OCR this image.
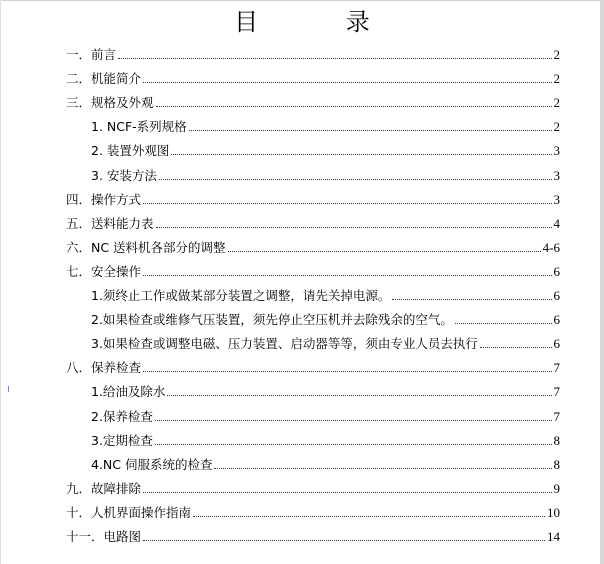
目 录
一．前言	2
二．机能简介	2
三．规格及外观	2
1. NCF-系列规格	2
2. 装置外观图	3
3. 安装方法	3
四．操作方式	3
五．送料能力表	4
六．NC 送料机各部分的调整	4-6
七．安全操作	6
1.须终止工作或做某部分装置之调整，请先关掉电源。	6
2.如果检查或维修气压装置，须先停止空压机并去除残余的空气。	6
3.如果检查或调整电磁、压力装置、启动器等等，须由专业人员去执行	6
八．保养检查	7
1.给油及除水	7
2.保养检查	7
3.定期检查	8
4.NC 伺服系统的检查	8
九．故障排除	9
十．人机界面操作指南	10
十一．电路图	14
